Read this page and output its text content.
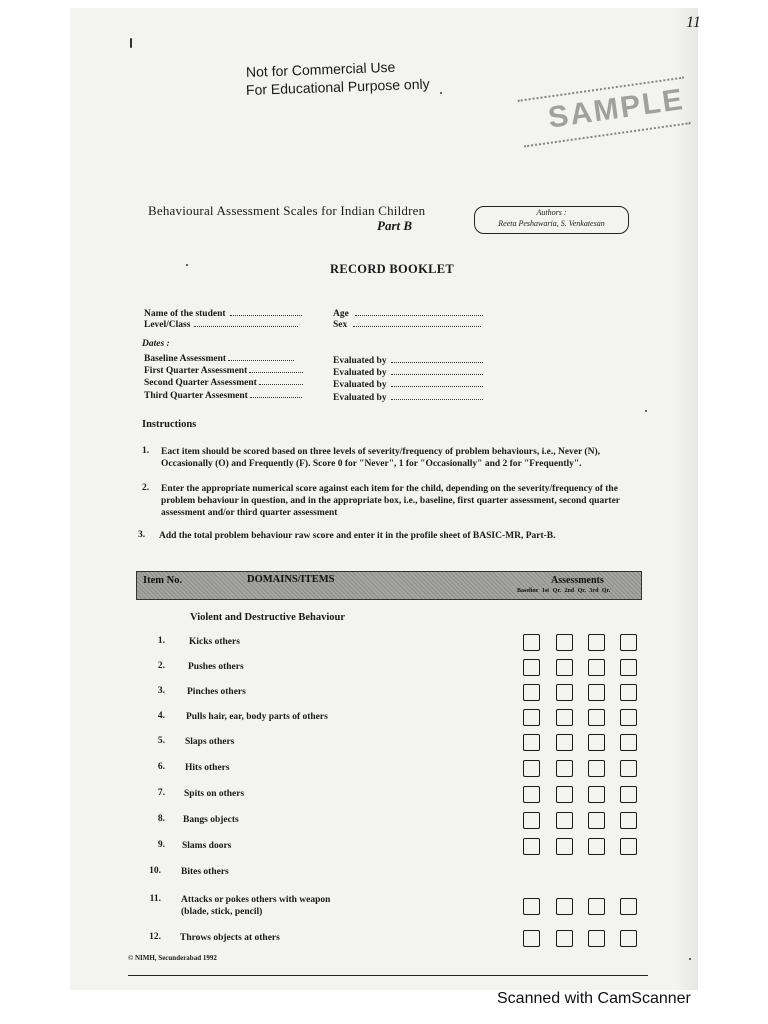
11
Not for Commercial Use
For Educational Purpose only	SAMPLE
Behavioural Assessment Scales for Indian Children
Part B
Authors :
Reeta Peshawaria, S. Venkatesan
RECORD BOOKLET
Name of the student	Age
Level/Class	Sex
Dates :
Baseline Assessment	Evaluated by
First Quarter Assessment	Evaluated by
Second Quarter Assessment	Evaluated by
Third Quarter Assesment	Evaluated by
Instructions
1. Eact item should be scored based on three levels of severity/frequency of problem behaviours, i.e., Never (N),
Occasionally (O) and Frequently (F). Score 0 for "Never", 1 for "Occasionally" and 2 for "Frequently".
2. Enter the appropriate numerical score against each item for the child, depending on the severity/frequency of the
problem behaviour in question, and in the appropriate box, i.e., baseline, first quarter assessment, second quarter
assessment and/or third quarter assessment
3. Add the total problem behaviour raw score and enter it in the profile sheet of BASIC-MR, Part-B.
Item No.	DOMAINS/ITEMS	Assessments
Baseline 1st Qr. 2nd Qr. 3rd Qr.
Violent and Destructive Behaviour
1.	Kicks others
2. Pushes others
3. Pinches others
4. Pulls hair, ear, body parts of others
5. Slaps others
6. Hits others
7. Spits on others
8. Bangs objects
9. Slams doors
10. Bites others
11. Attacks or pokes others with weapon
(blade, stick, pencil)
12. Throws objects at others
© NIMH, Secunderabad 1992
Scanned with CamScanner
